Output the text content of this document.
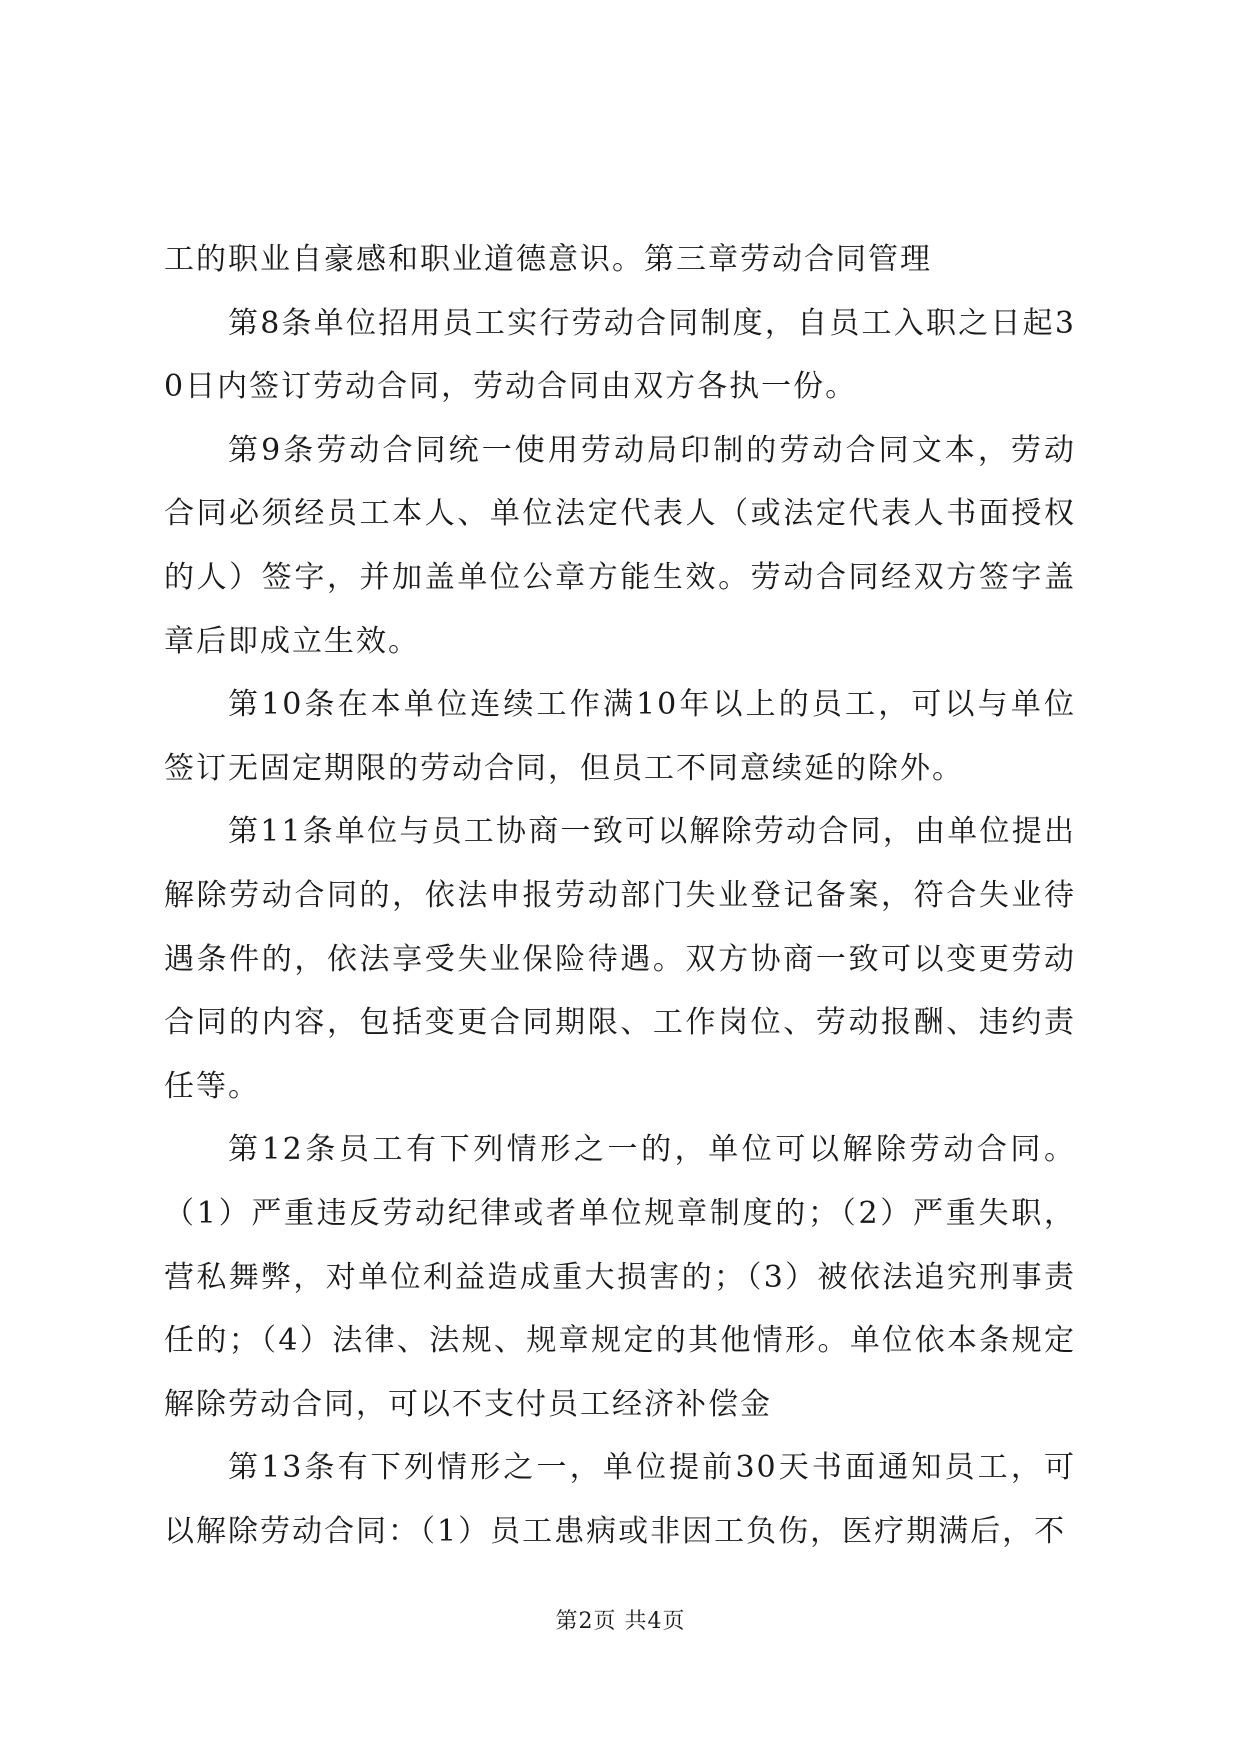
工的职业自豪感和职业道德意识。第三章劳动合同管理

第8条单位招用员工实行劳动合同制度，自员工入职之日起30日内签订劳动合同，劳动合同由双方各执一份。

第9条劳动合同统一使用劳动局印制的劳动合同文本，劳动合同必须经员工本人、单位法定代表人（或法定代表人书面授权的人）签字，并加盖单位公章方能生效。劳动合同经双方签字盖章后即成立生效。

第10条在本单位连续工作满10年以上的员工，可以与单位签订无固定期限的劳动合同，但员工不同意续延的除外。

第11条单位与员工协商一致可以解除劳动合同，由单位提出解除劳动合同的，依法申报劳动部门失业登记备案，符合失业待遇条件的，依法享受失业保险待遇。双方协商一致可以变更劳动合同的内容，包括变更合同期限、工作岗位、劳动报酬、违约责任等。

第12条员工有下列情形之一的，单位可以解除劳动合同。（1）严重违反劳动纪律或者单位规章制度的；（2）严重失职，营私舞弊，对单位利益造成重大损害的；（3）被依法追究刑事责任的；（4）法律、法规、规章规定的其他情形。单位依本条规定解除劳动合同，可以不支付员工经济补偿金

第13条有下列情形之一，单位提前30天书面通知员工，可以解除劳动合同：（1）员工患病或非因工负伤，医疗期满后，不

第2页 共4页
